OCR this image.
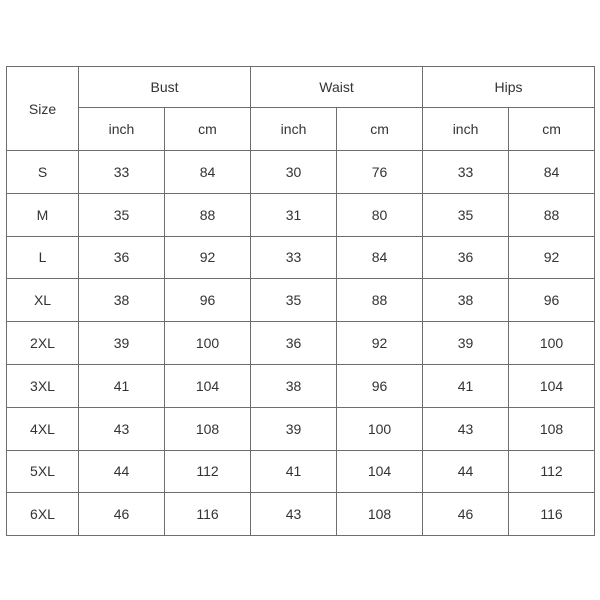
Size	Bust		Waist		Hips	
	inch	cm	inch	cm	inch	cm
S	33	84	30	76	33	84
M	35	88	31	80	35	88
L	36	92	33	84	36	92
XL	38	96	35	88	38	96
2XL	39	100	36	92	39	100
3XL	41	104	38	96	41	104
4XL	43	108	39	100	43	108
5XL	44	112	41	104	44	112
6XL	46	116	43	108	46	116
